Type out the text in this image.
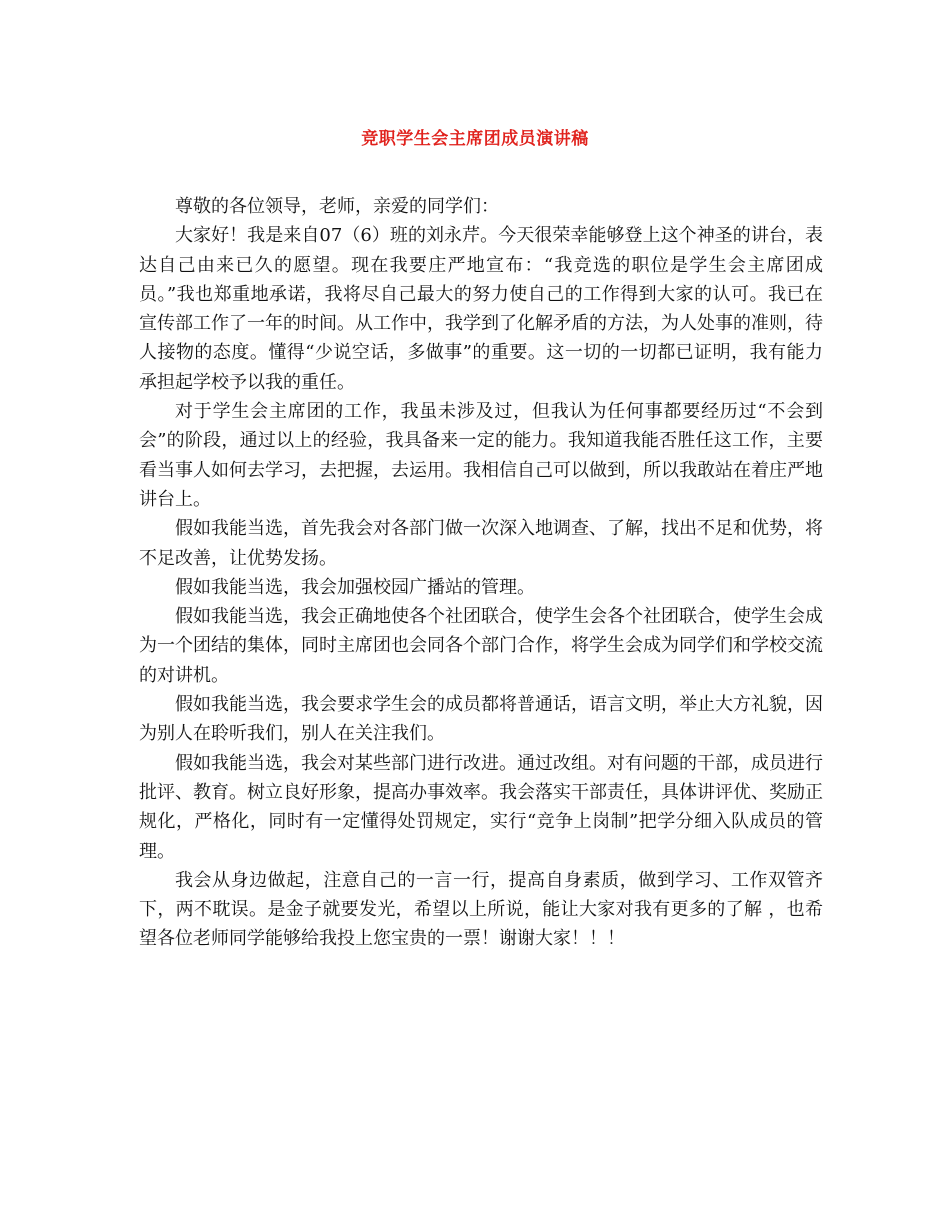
竞职学生会主席团成员演讲稿

尊敬的各位领导，老师，亲爱的同学们：

大家好！我是来自07（6）班的刘永芹。今天很荣幸能够登上这个神圣的讲台，表达自己由来已久的愿望。现在我要庄严地宣布：“我竞选的职位是学生会主席团成员。”我也郑重地承诺，我将尽自己最大的努力使自己的工作得到大家的认可。我已在宣传部工作了一年的时间。从工作中，我学到了化解矛盾的方法，为人处事的准则，待人接物的态度。懂得“少说空话，多做事”的重要。这一切的一切都已证明，我有能力承担起学校予以我的重任。

对于学生会主席团的工作，我虽未涉及过，但我认为任何事都要经历过“不会到会”的阶段，通过以上的经验，我具备来一定的能力。我知道我能否胜任这工作，主要看当事人如何去学习，去把握，去运用。我相信自己可以做到，所以我敢站在着庄严地讲台上。

假如我能当选，首先我会对各部门做一次深入地调查、了解，找出不足和优势，将不足改善，让优势发扬。

假如我能当选，我会加强校园广播站的管理。

假如我能当选，我会正确地使各个社团联合，使学生会各个社团联合，使学生会成为一个团结的集体，同时主席团也会同各个部门合作，将学生会成为同学们和学校交流的对讲机。

假如我能当选，我会要求学生会的成员都将普通话，语言文明，举止大方礼貌，因为别人在聆听我们，别人在关注我们。

假如我能当选，我会对某些部门进行改进。通过改组。对有问题的干部，成员进行批评、教育。树立良好形象，提高办事效率。我会落实干部责任，具体讲评优、奖励正规化，严格化，同时有一定懂得处罚规定，实行“竞争上岗制”把学分细入队成员的管理。

我会从身边做起，注意自己的一言一行，提高自身素质，做到学习、工作双管齐下，两不耽误。是金子就要发光，希望以上所说，能让大家对我有更多的了解 ，也希望各位老师同学能够给我投上您宝贵的一票！谢谢大家！！！
